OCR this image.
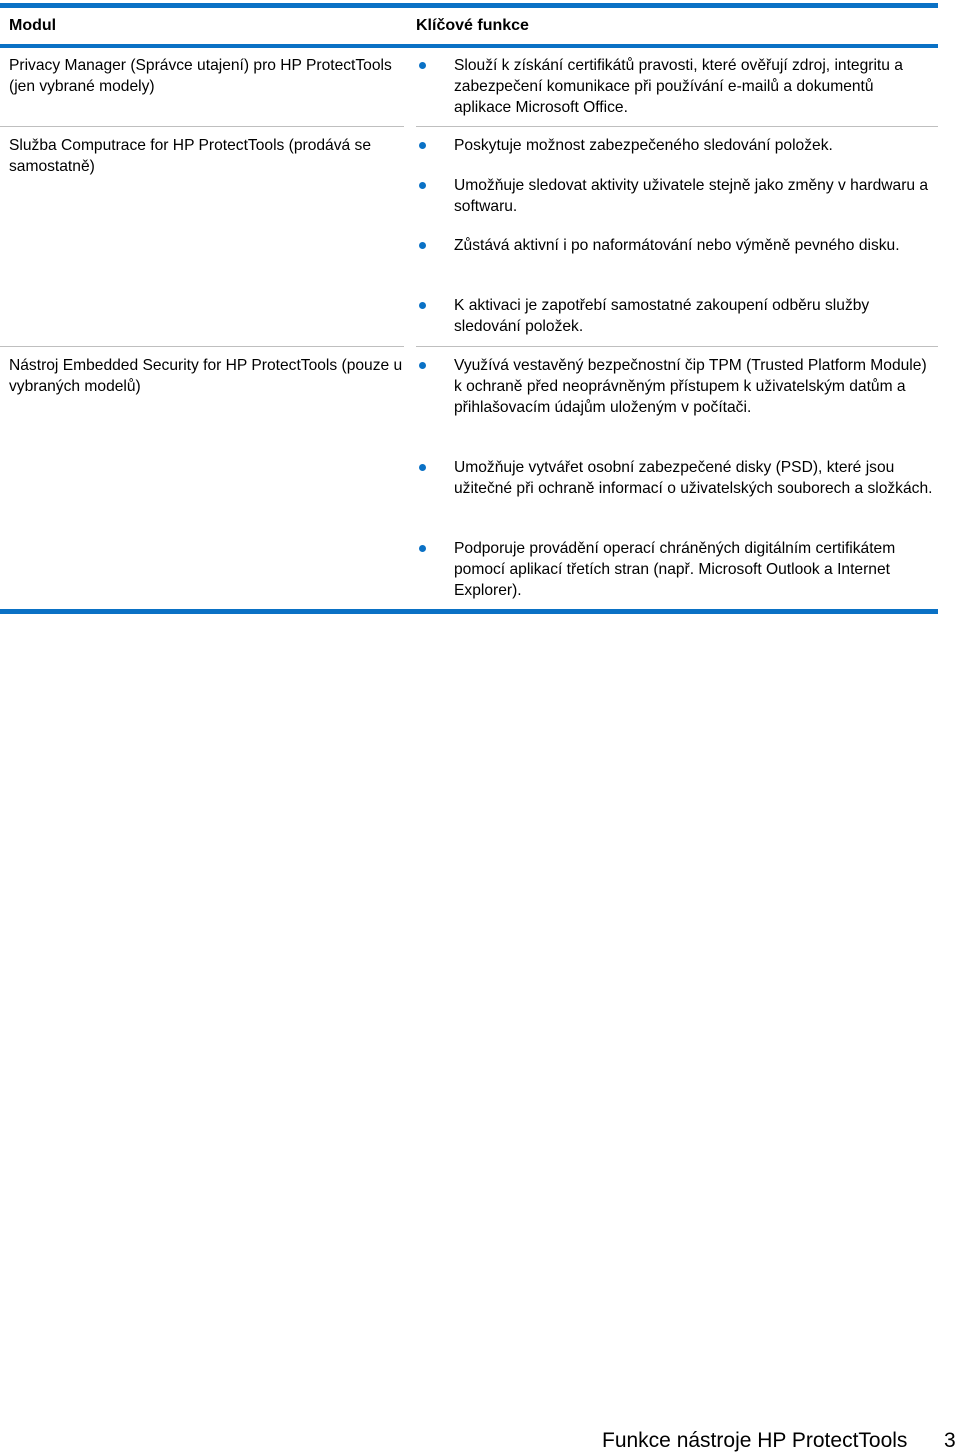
Modul	Klíčové funkce
Privacy Manager (Správce utajení) pro HP ProtectTools (jen vybrané modely)
Slouží k získání certifikátů pravosti, které ověřují zdroj, integritu a zabezpečení komunikace při používání e-mailů a dokumentů aplikace Microsoft Office.
Služba Computrace for HP ProtectTools (prodává se samostatně)
Poskytuje možnost zabezpečeného sledování položek.
Umožňuje sledovat aktivity uživatele stejně jako změny v hardwaru a softwaru.
Zůstává aktivní i po naformátování nebo výměně pevného disku.
K aktivaci je zapotřebí samostatné zakoupení odběru služby sledování položek.
Nástroj Embedded Security for HP ProtectTools (pouze u vybraných modelů)
Využívá vestavěný bezpečnostní čip TPM (Trusted Platform Module) k ochraně před neoprávněným přístupem k uživatelským datům a přihlašovacím údajům uloženým v počítači.
Umožňuje vytvářet osobní zabezpečené disky (PSD), které jsou užitečné při ochraně informací o uživatelských souborech a složkách.
Podporuje provádění operací chráněných digitálním certifikátem pomocí aplikací třetích stran (např. Microsoft Outlook a Internet Explorer).
Funkce nástroje HP ProtectTools 3
